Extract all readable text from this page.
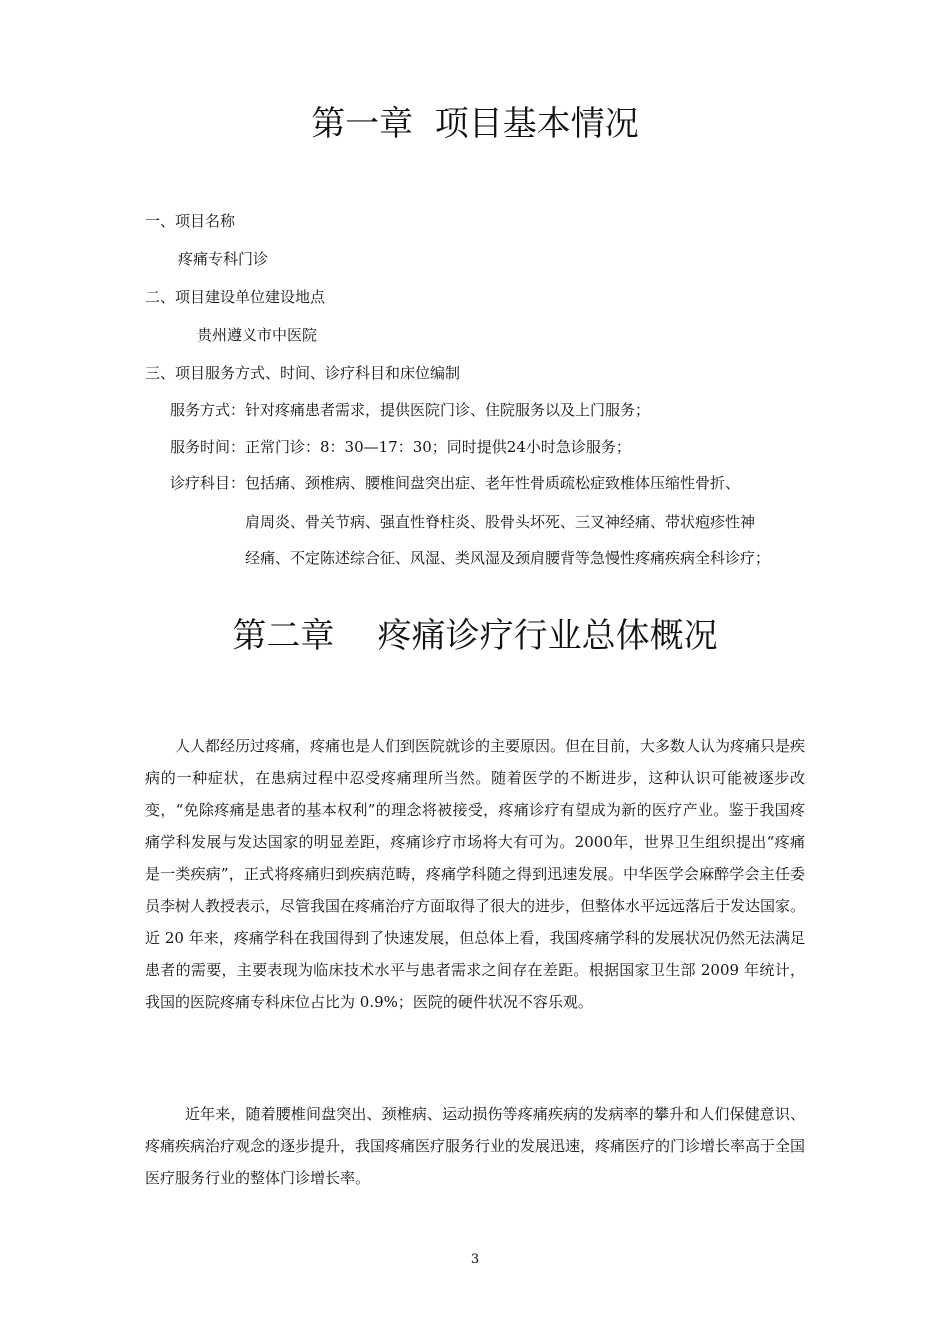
第一章  项目基本情况
一、项目名称
疼痛专科门诊
二、项目建设单位建设地点
贵州遵义市中医院
三、项目服务方式、时间、诊疗科目和床位编制
服务方式：针对疼痛患者需求，提供医院门诊、住院服务以及上门服务；
服务时间：正常门诊：8：30—17：30；同时提供24小时急诊服务；
诊疗科目：包括痛、颈椎病、腰椎间盘突出症、老年性骨质疏松症致椎体压缩性骨折、
肩周炎、骨关节病、强直性脊柱炎、股骨头坏死、三叉神经痛、带状疱疹性神
经痛、不定陈述综合征、风湿、类风湿及颈肩腰背等急慢性疼痛疾病全科诊疗；
第二章    疼痛诊疗行业总体概况
人人都经历过疼痛，疼痛也是人们到医院就诊的主要原因。但在目前，大多数人认为疼痛只是疾病的一种症状，在患病过程中忍受疼痛理所当然。随着医学的不断进步，这种认识可能被逐步改变，“免除疼痛是患者的基本权利”的理念将被接受，疼痛诊疗有望成为新的医疗产业。鉴于我国疼痛学科发展与发达国家的明显差距，疼痛诊疗市场将大有可为。2000年，世界卫生组织提出“疼痛是一类疾病”，正式将疼痛归到疾病范畴，疼痛学科随之得到迅速发展。中华医学会麻醉学会主任委员李树人教授表示，尽管我国在疼痛治疗方面取得了很大的进步，但整体水平远远落后于发达国家。近 20 年来，疼痛学科在我国得到了快速发展，但总体上看，我国疼痛学科的发展状况仍然无法满足患者的需要，主要表现为临床技术水平与患者需求之间存在差距。根据国家卫生部 2009 年统计，我国的医院疼痛专科床位占比为 0.9%；医院的硬件状况不容乐观。
近年来，随着腰椎间盘突出、颈椎病、运动损伤等疼痛疾病的发病率的攀升和人们保健意识、疼痛疾病治疗观念的逐步提升，我国疼痛医疗服务行业的发展迅速，疼痛医疗的门诊增长率高于全国医疗服务行业的整体门诊增长率。
3
